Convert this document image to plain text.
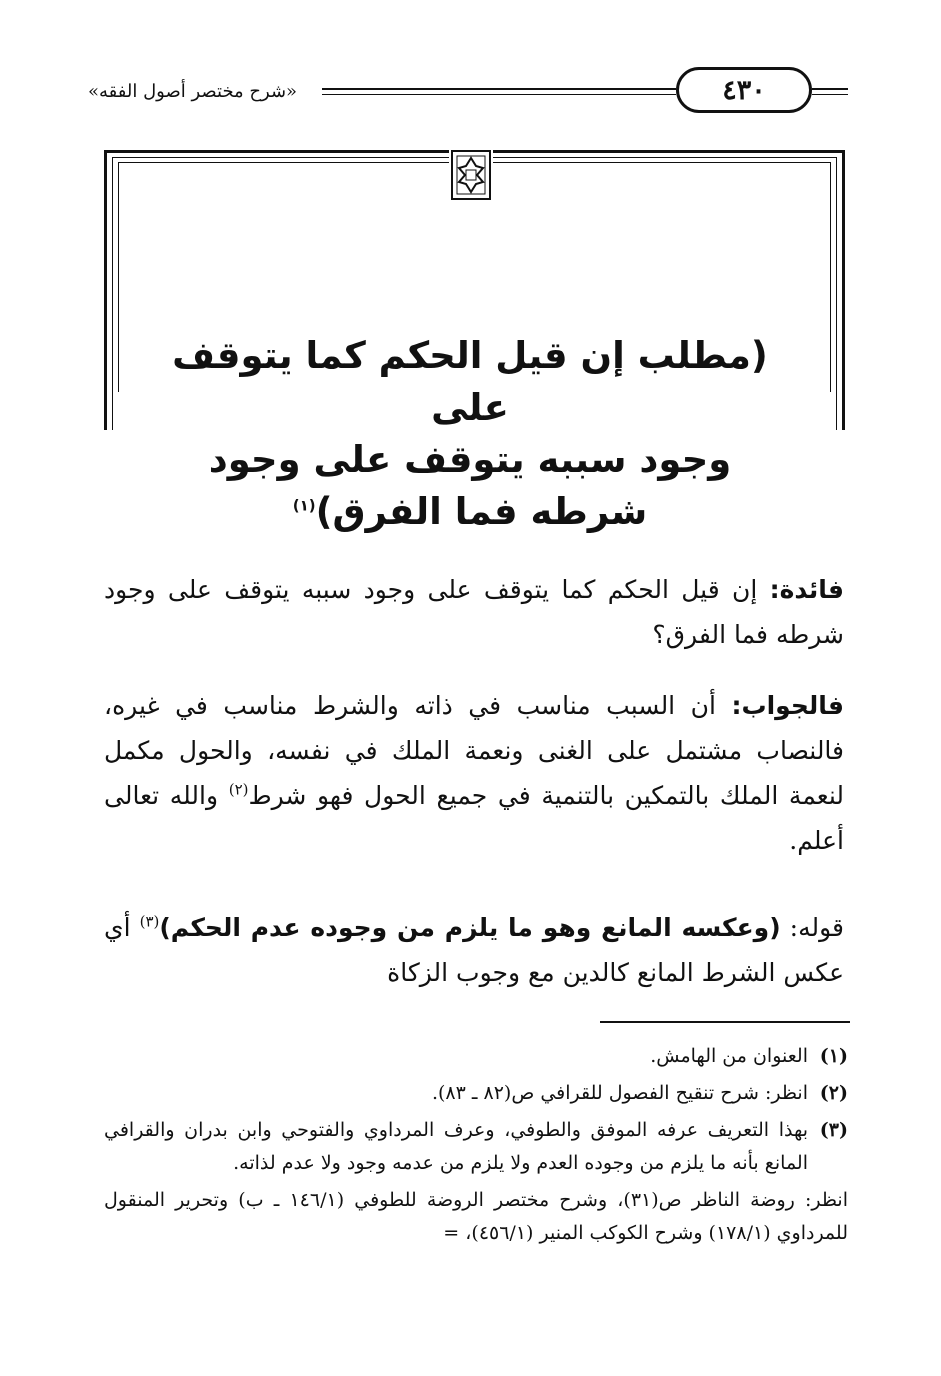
٤٣٠
«شرح مختصر أصول الفقه»
(مطلب إن قيل الحكم كما يتوقف على
وجود سببه يتوقف على وجود شرطه فما الفرق)$^{(١)}$
فائدة: إن قيل الحكم كما يتوقف على وجود سببه يتوقف على وجود شرطه فما الفرق؟
فالجواب: أن السبب مناسب في ذاته والشرط مناسب في غيره، فالنصاب مشتمل على الغنى ونعمة الملك في نفسه، والحول مكمل لنعمة الملك بالتمكين بالتنمية في جميع الحول فهو شرط$^{(٢)}$ والله تعالى أعلم.
قوله: (وعكسه المانع وهو ما يلزم من وجوده عدم الحكم)$^{(٣)}$ أي عكس الشرط المانع كالدين مع وجوب الزكاة
(١)
العنوان من الهامش.
(٢)
انظر: شرح تنقيح الفصول للقرافي ص(٨٢ ـ ٨٣).
(٣)
بهذا التعريف عرفه الموفق والطوفي، وعرف المرداوي والفتوحي وابن بدران والقرافي المانع بأنه ما يلزم من وجوده العدم ولا يلزم من عدمه وجود ولا عدم لذاته.
انظر: روضة الناظر ص(٣١)، وشرح مختصر الروضة للطوفي (١٤٦/١ ـ ب) وتحرير المنقول للمرداوي (١٧٨/١) وشرح الكوكب المنير (٤٥٦/١)، =
